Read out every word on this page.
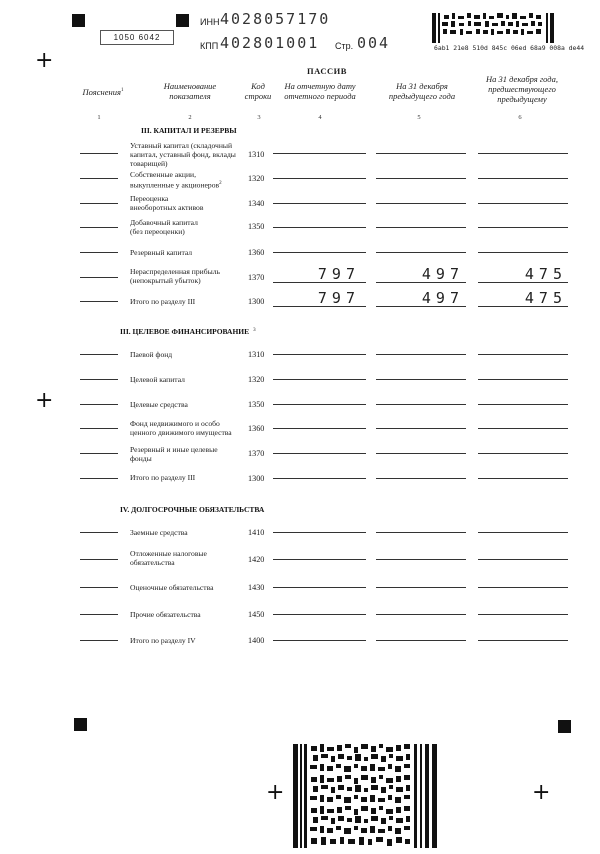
+
+
+	+
1050 6042
ИНН 4028057170
КПП 402801001 Стр. 004	6ab1 21e8 510d 845c 06ed 68a9 008a de44
ПАССИВ
Пояснения$^1$	Наименование
показателя
Код
строки
На отчетную дату
отчетного периода
На 31 декабря
предыдущего года
На 31 декабря года,
предшествующего
предыдущему
1	2	3	4	5	6
III. КАПИТАЛ И РЕЗЕРВЫ
Уставный капитал (складочный
капитал, уставный фонд, вклады
товарищей)
1310
Собственные акции,
выкупленные у акционеров$^2$
1320
Переоценка
внеоборотных активов	1340
Добавочный капитал
(без переоценки)
1350
Резервный капитал	1360
Нераспределенная прибыль
(непокрытый убыток)	1370	797	497	475
Итого по разделу III	1300	797	497	475
III. ЦЕЛЕВОЕ ФИНАНСИРОВАНИЕ $^3$
Паевой фонд	1310
Целевой капитал	1320
Целевые средства	1350
Фонд недвижимого и особо
ценного движимого имущества	1360
Резервный и иные целевые
фонды
1370
Итого по разделу III	1300
IV. ДОЛГОСРОЧНЫЕ ОБЯЗАТЕЛЬСТВА
Заемные средства	1410
Отложенные налоговые
обязательства	1420
Оценочные обязательства	1430
Прочие обязательства	1450
Итого по разделу IV	1400
